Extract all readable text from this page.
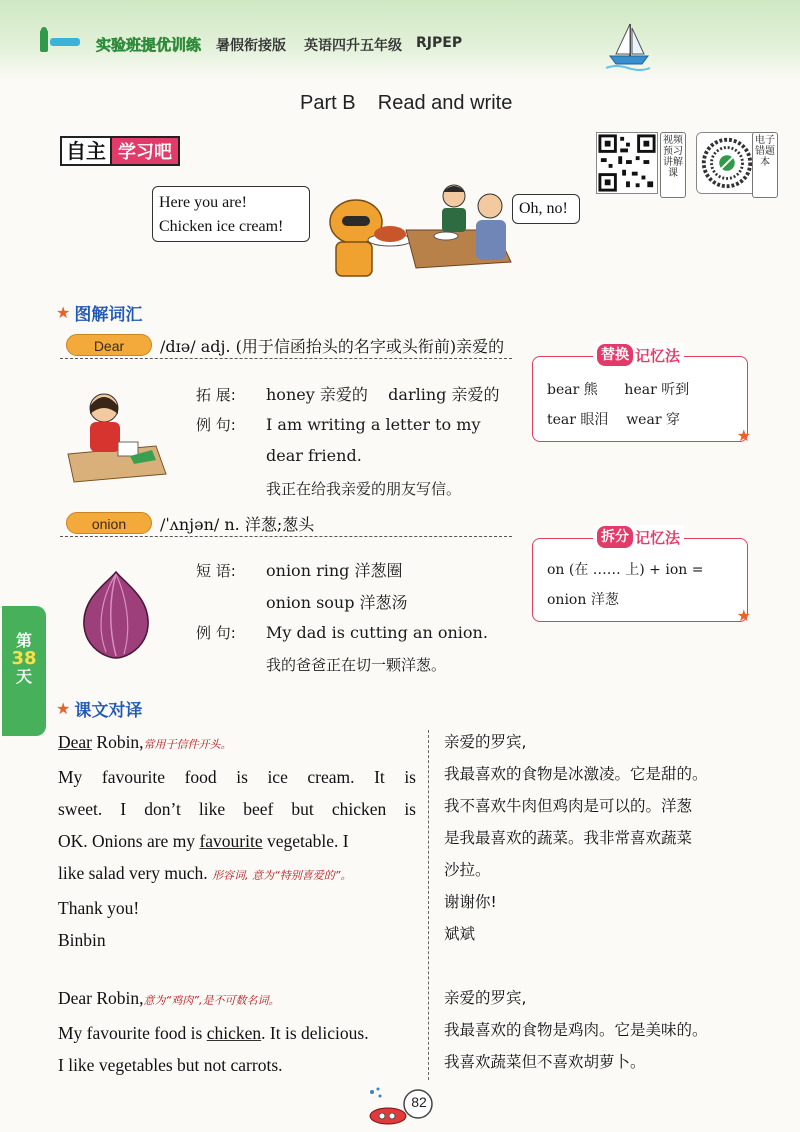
实验班提优训练 暑假衔接版 英语四升五年级 RJPEP
Part B    Read and write
自主 学习吧
视频预习讲解课
电子错题本
Here you are!
Chicken ice cream!
Oh, no!
★ 图解词汇
Dear	/dɪə/ adj. (用于信函抬头的名字或头衔前)亲爱的
拓 展: honey 亲爱的    darling 亲爱的
例 句: I am writing a letter to my
dear friend.
我正在给我亲爱的朋友写信。
替换 记忆法
bear 熊      hear 听到
tear 眼泪    wear 穿
★
onion	/ˈʌnjən/ n. 洋葱;葱头
短 语: onion ring 洋葱圈
onion soup 洋葱汤
例 句: My dad is cutting an onion.
我的爸爸正在切一颗洋葱。
拆分 记忆法
on (在 …… 上) + ion =
onion 洋葱
★
第
38
天
★ 课文对译
Dear Robin,常用于信件开头。
My favourite food is ice cream. It is
sweet. I don’t like beef but chicken is
OK. Onions are my favourite vegetable. I
like salad very much. 形容词, 意为“特别喜爱的”。
Thank you!
Binbin
亲爱的罗宾,
我最喜欢的食物是冰激凌。它是甜的。
我不喜欢牛肉但鸡肉是可以的。洋葱
是我最喜欢的蔬菜。我非常喜欢蔬菜
沙拉。
谢谢你!
斌斌
Dear Robin,意为“鸡肉”,是不可数名词。
My favourite food is chicken. It is delicious.
I like vegetables but not carrots.
亲爱的罗宾,
我最喜欢的食物是鸡肉。它是美味的。
我喜欢蔬菜但不喜欢胡萝卜。
82
